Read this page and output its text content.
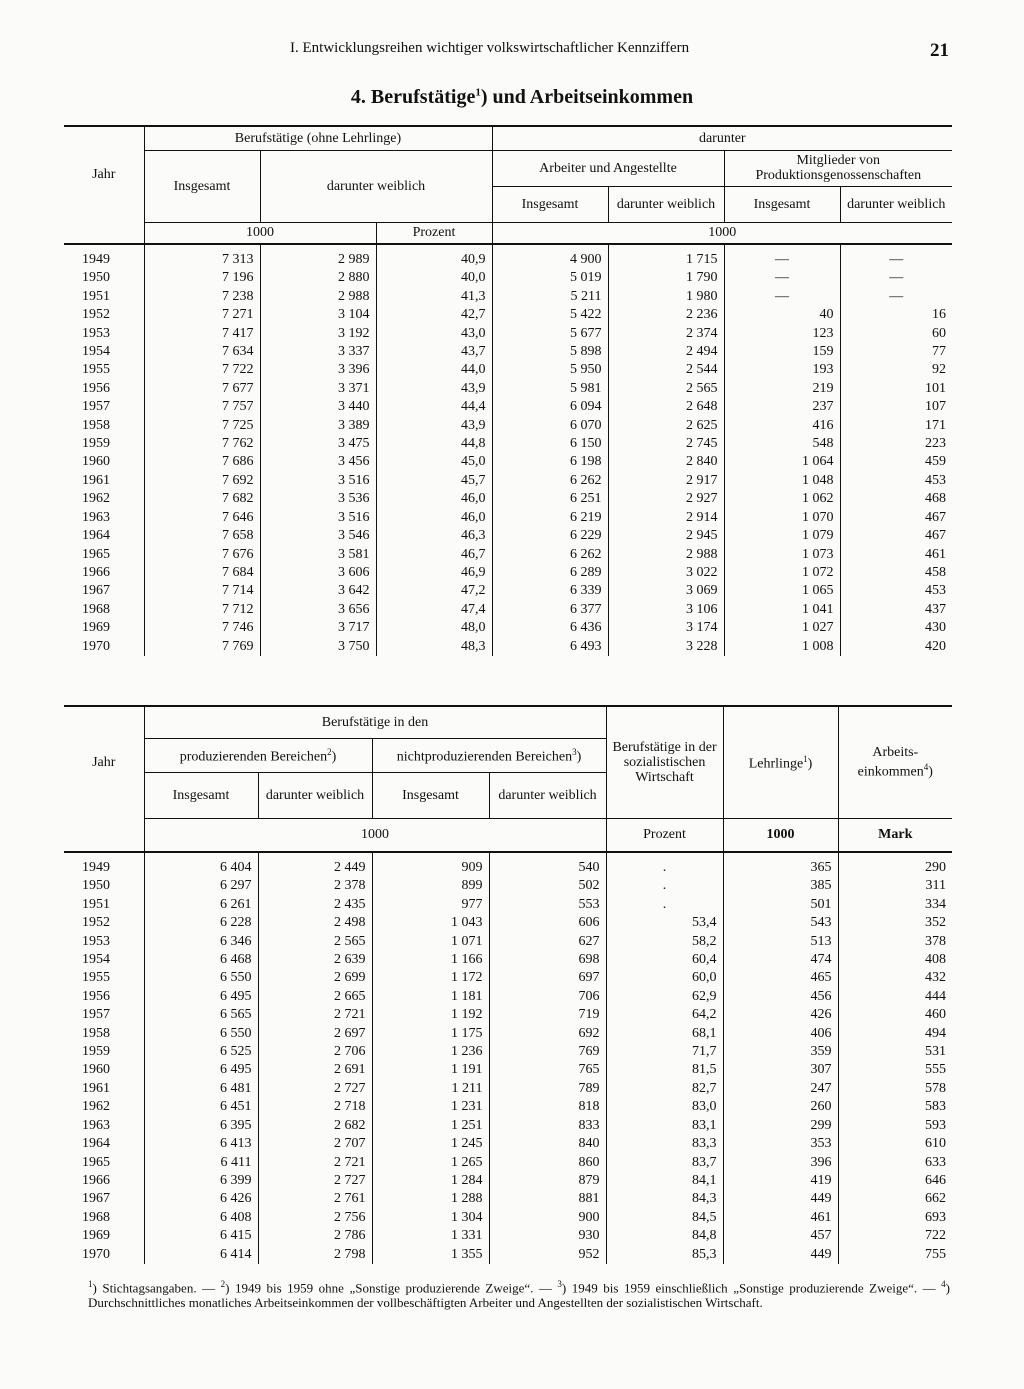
I. Entwicklungsreihen wichtiger volkswirtschaftlicher Kennziffern	21
4. Berufstätige$^1$) und Arbeitseinkommen
Jahr	Berufstätige (ohne Lehrlinge)			darunter			
	Insgesamt	darunter weiblich		Arbeiter und Angestellte		Mitglieder von Produktionsgenossenschaften	
				Insgesamt	darunter weiblich	Insgesamt	darunter weiblich
	1000		Prozent	1000			
1949	7 313	2 989	40,9	4 900	1 715	—	—
1950	7 196	2 880	40,0	5 019	1 790	—	—
1951	7 238	2 988	41,3	5 211	1 980	—	—
1952	7 271	3 104	42,7	5 422	2 236	40	16
1953	7 417	3 192	43,0	5 677	2 374	123	60
1954	7 634	3 337	43,7	5 898	2 494	159	77
1955	7 722	3 396	44,0	5 950	2 544	193	92
1956	7 677	3 371	43,9	5 981	2 565	219	101
1957	7 757	3 440	44,4	6 094	2 648	237	107
1958	7 725	3 389	43,9	6 070	2 625	416	171
1959	7 762	3 475	44,8	6 150	2 745	548	223
1960	7 686	3 456	45,0	6 198	2 840	1 064	459
1961	7 692	3 516	45,7	6 262	2 917	1 048	453
1962	7 682	3 536	46,0	6 251	2 927	1 062	468
1963	7 646	3 516	46,0	6 219	2 914	1 070	467
1964	7 658	3 546	46,3	6 229	2 945	1 079	467
1965	7 676	3 581	46,7	6 262	2 988	1 073	461
1966	7 684	3 606	46,9	6 289	3 022	1 072	458
1967	7 714	3 642	47,2	6 339	3 069	1 065	453
1968	7 712	3 656	47,4	6 377	3 106	1 041	437
1969	7 746	3 717	48,0	6 436	3 174	1 027	430
1970	7 769	3 750	48,3	6 493	3 228	1 008	420
Jahr	Berufstätige in den				Berufstätige in der sozialistischen Wirtschaft	Lehrlinge$^1$)	Arbeits- einkommen$^4$)
	produzierenden Bereichen$^2$)		nichtproduzierenden Bereichen$^3$)				
	Insgesamt	darunter weiblich	Insgesamt	darunter weiblich			
	1000				Prozent	1000	Mark
1949	6 404	2 449	909	540	.	365	290
1950	6 297	2 378	899	502	.	385	311
1951	6 261	2 435	977	553	.	501	334
1952	6 228	2 498	1 043	606	53,4	543	352
1953	6 346	2 565	1 071	627	58,2	513	378
1954	6 468	2 639	1 166	698	60,4	474	408
1955	6 550	2 699	1 172	697	60,0	465	432
1956	6 495	2 665	1 181	706	62,9	456	444
1957	6 565	2 721	1 192	719	64,2	426	460
1958	6 550	2 697	1 175	692	68,1	406	494
1959	6 525	2 706	1 236	769	71,7	359	531
1960	6 495	2 691	1 191	765	81,5	307	555
1961	6 481	2 727	1 211	789	82,7	247	578
1962	6 451	2 718	1 231	818	83,0	260	583
1963	6 395	2 682	1 251	833	83,1	299	593
1964	6 413	2 707	1 245	840	83,3	353	610
1965	6 411	2 721	1 265	860	83,7	396	633
1966	6 399	2 727	1 284	879	84,1	419	646
1967	6 426	2 761	1 288	881	84,3	449	662
1968	6 408	2 756	1 304	900	84,5	461	693
1969	6 415	2 786	1 331	930	84,8	457	722
1970	6 414	2 798	1 355	952	85,3	449	755
$^1$) Stichtagsangaben. — $^2$) 1949 bis 1959 ohne „Sonstige produzierende Zweige“. — $^3$) 1949 bis 1959 einschließlich „Sonstige produzierende Zweige“. — $^4$) Durchschnittliches monatliches Arbeitseinkommen der vollbeschäftigten Arbeiter und Angestellten der sozialistischen Wirtschaft.
